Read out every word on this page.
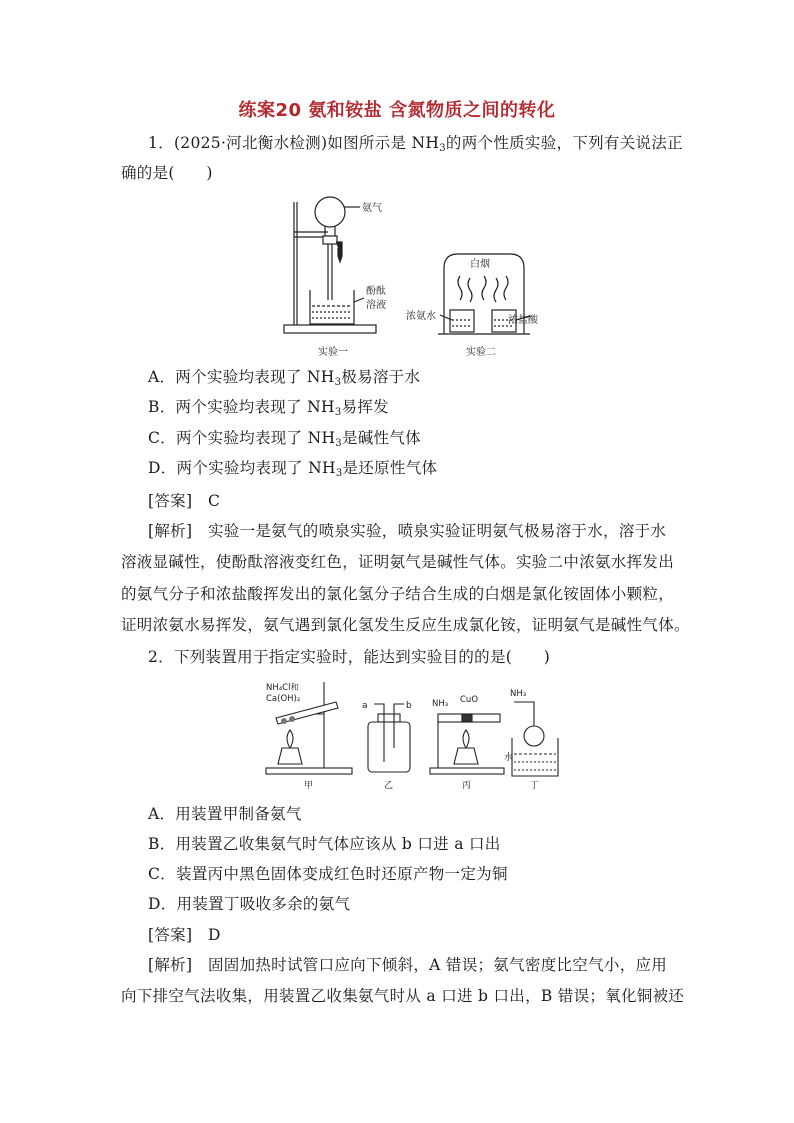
练案20 氨和铵盐 含氮物质之间的转化
1．(2025·河北衡水检测)如图所示是 $NH_3$的两个性质实验，下列有关说法正
确的是(　　)
氨气
酚酞
溶液
实验一
白烟
浓氨水	浓盐酸
实验二
A．两个实验均表现了 $NH_3$极易溶于水
B．两个实验均表现了 $NH_3$易挥发
C．两个实验均表现了 $NH_3$是碱性气体
D．两个实验均表现了 $NH_3$是还原性气体
[答案] C
[解析] 实验一是氨气的喷泉实验，喷泉实验证明氨气极易溶于水，溶于水
溶液显碱性，使酚酞溶液变红色，证明氨气是碱性气体。实验二中浓氨水挥发出
的氨气分子和浓盐酸挥发出的氯化氢分子结合生成的白烟是氯化铵固体小颗粒，
证明浓氨水易挥发，氨气遇到氯化氢发生反应生成氯化铵，证明氨气是碱性气体。
2．下列装置用于指定实验时，能达到实验目的的是(　　)
NH₄Cl和
Ca(OH)₂
甲
a	b
乙
NH₃ CuO
丙
NH₃
水
丁
A．用装置甲制备氨气
B．用装置乙收集氨气时气体应该从 b 口进 a 口出
C．装置丙中黑色固体变成红色时还原产物一定为铜
D．用装置丁吸收多余的氨气
[答案] D
[解析] 固固加热时试管口应向下倾斜，A 错误；氨气密度比空气小，应用
向下排空气法收集，用装置乙收集氨气时从 a 口进 b 口出，B 错误；氧化铜被还
